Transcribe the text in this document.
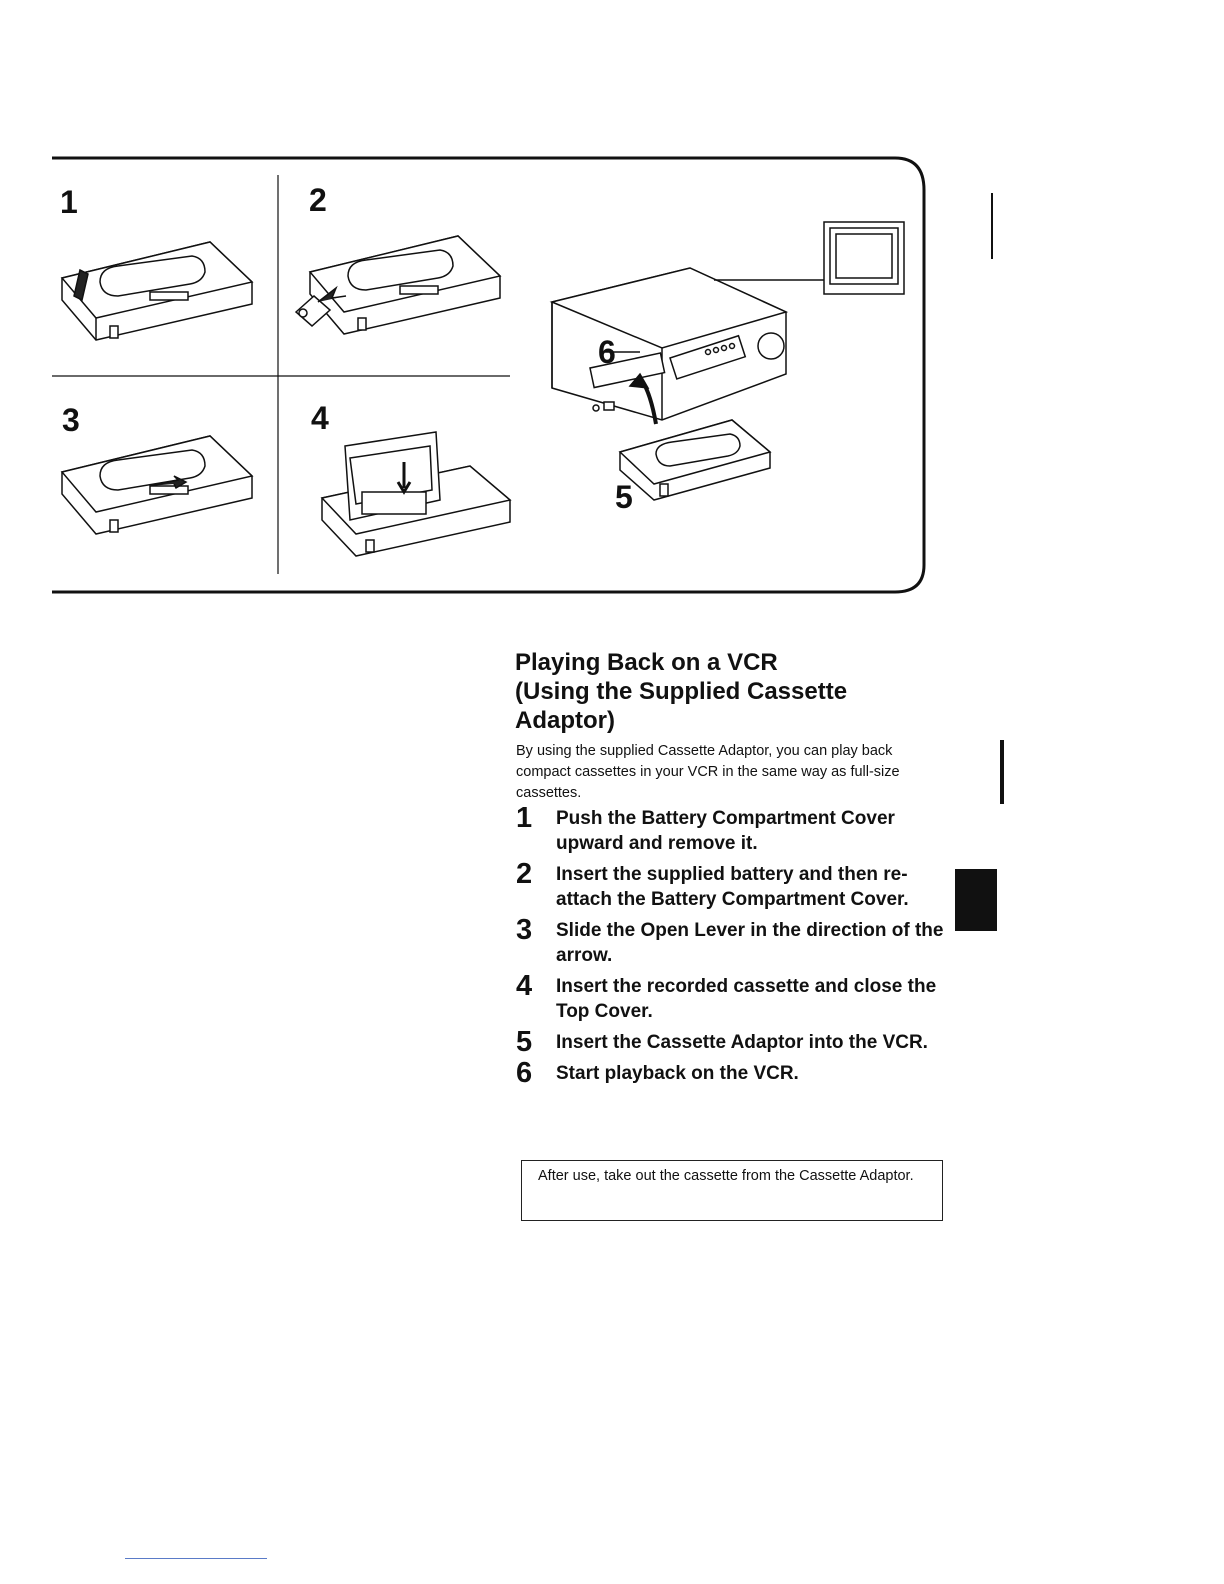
1	2
3	4
5
6
Playing Back on a VCR
(Using the Supplied Cassette
Adaptor)

By using the supplied Cassette Adaptor, you can play back compact cassettes in your VCR in the same way as full-size cassettes.

1 Push the Battery Compartment Cover upward and remove it.
2 Insert the supplied battery and then re-attach the Battery Compartment Cover.
3 Slide the Open Lever in the direction of the arrow.
4 Insert the recorded cassette and close the Top Cover.
5 Insert the Cassette Adaptor into the VCR.
6 Start playback on the VCR.
After use, take out the cassette from the Cassette Adaptor.
